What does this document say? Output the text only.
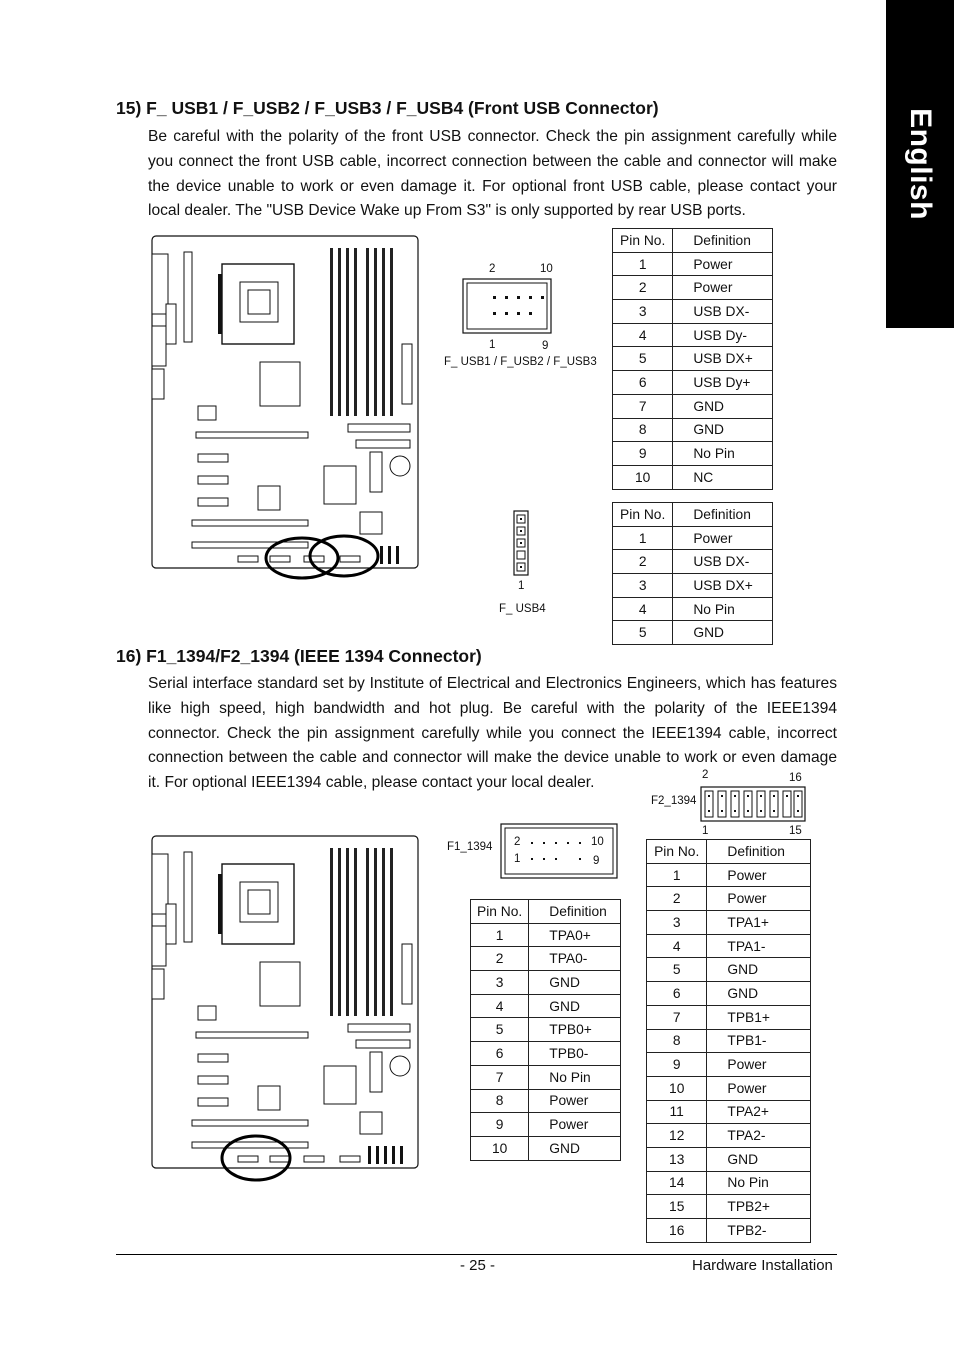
English
15) F_ USB1 / F_USB2 / F_USB3 / F_USB4 (Front USB Connector)
Be careful with the polarity of the front USB connector. Check the pin assignment carefully while you connect the front USB cable, incorrect connection between the cable and connector will make the device unable to work or even damage it. For optional front USB cable, please contact your local dealer. The "USB Device Wake up From S3" is only supported by rear USB ports.
2	10
1	9
F_ USB1 / F_USB2 / F_USB3
1
F_ USB4
Pin No.	Definition
1	Power
2	Power
3	USB DX-
4	USB Dy-
5	USB DX+
6	USB Dy+
7	GND
8	GND
9	No Pin
10	NC
Pin No.	Definition
1	Power
2	USB DX-
3	USB DX+
4	No Pin
5	GND
16) F1_1394/F2_1394 (IEEE 1394 Connector)
Serial interface standard set by Institute of Electrical and Electronics Engineers, which has features like high speed, high bandwidth and hot plug. Be careful with the polarity of the IEEE1394 connector. Check the pin assignment carefully while you connect the IEEE1394 cable, incorrect connection between the cable and connector will make the device unable to work or even damage it. For optional IEEE1394 cable, please contact your local dealer.
F1_1394 2	10
1	9
2	16
F2_1394
1	15
Pin No.	Definition
1	TPA0+
2	TPA0-
3	GND
4	GND
5	TPB0+
6	TPB0-
7	No Pin
8	Power
9	Power
10	GND
Pin No.	Definition
1	Power
2	Power
3	TPA1+
4	TPA1-
5	GND
6	GND
7	TPB1+
8	TPB1-
9	Power
10	Power
11	TPA2+
12	TPA2-
13	GND
14	No Pin
15	TPB2+
16	TPB2-
- 25 -	Hardware Installation
